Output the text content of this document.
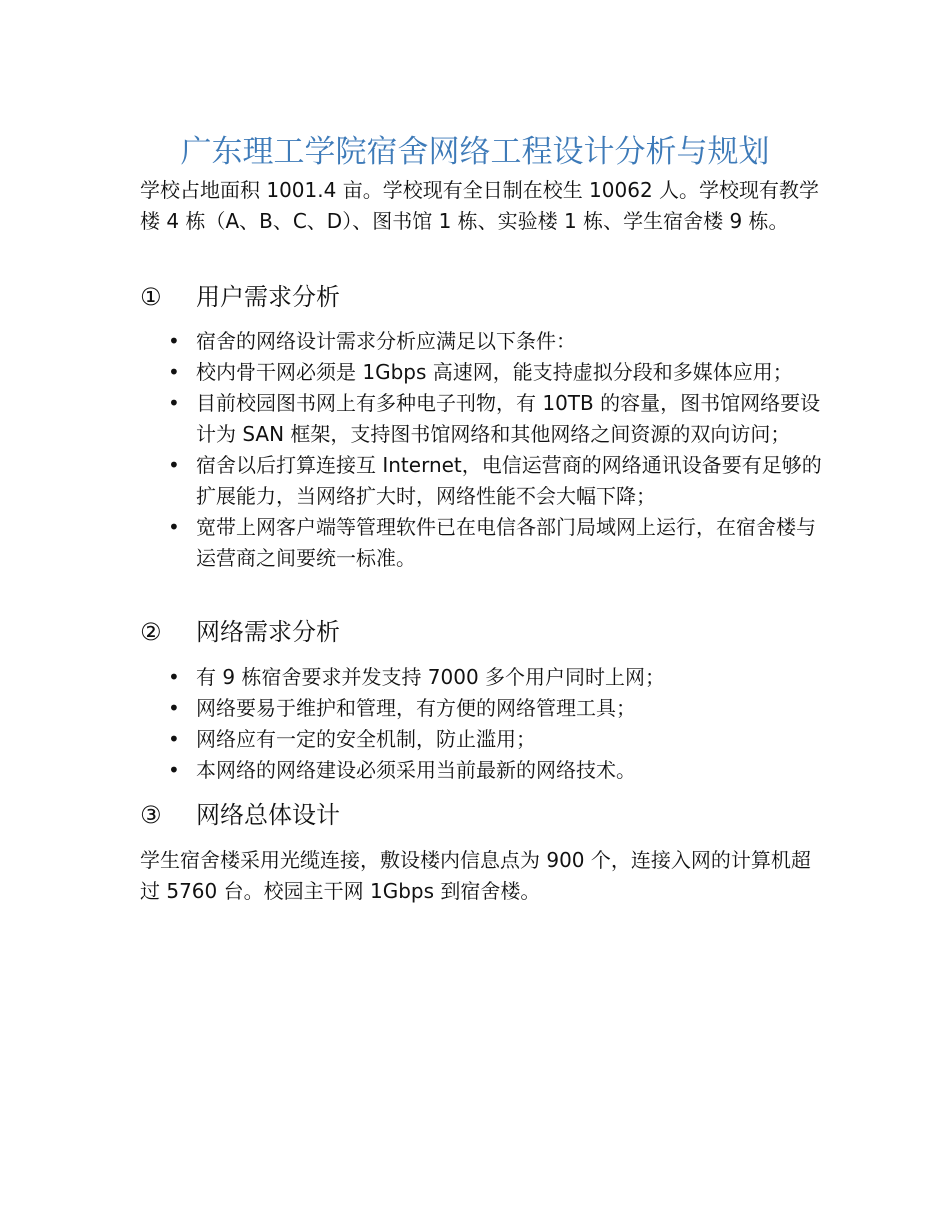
广东理工学院宿舍网络工程设计分析与规划
学校占地面积 1001.4 亩。学校现有全日制在校生 10062 人。学校现有教学楼 4 栋（A、B、C、D）、图书馆 1 栋、实验楼 1 栋、学生宿舍楼 9 栋。
① 用户需求分析
• 宿舍的网络设计需求分析应满足以下条件：
• 校内骨干网必须是 1Gbps 高速网，能支持虚拟分段和多媒体应用；
• 目前校园图书网上有多种电子刊物，有 10TB 的容量，图书馆网络要设计为 SAN 框架，支持图书馆网络和其他网络之间资源的双向访问；
• 宿舍以后打算连接互 Internet，电信运营商的网络通讯设备要有足够的扩展能力，当网络扩大时，网络性能不会大幅下降；
• 宽带上网客户端等管理软件已在电信各部门局域网上运行，在宿舍楼与运营商之间要统一标准。
② 网络需求分析
• 有 9 栋宿舍要求并发支持 7000 多个用户同时上网；
• 网络要易于维护和管理，有方便的网络管理工具；
• 网络应有一定的安全机制，防止滥用；
• 本网络的网络建设必须采用当前最新的网络技术。
③ 网络总体设计
学生宿舍楼采用光缆连接，敷设楼内信息点为 900 个，连接入网的计算机超过 5760 台。校园主干网 1Gbps 到宿舍楼。
